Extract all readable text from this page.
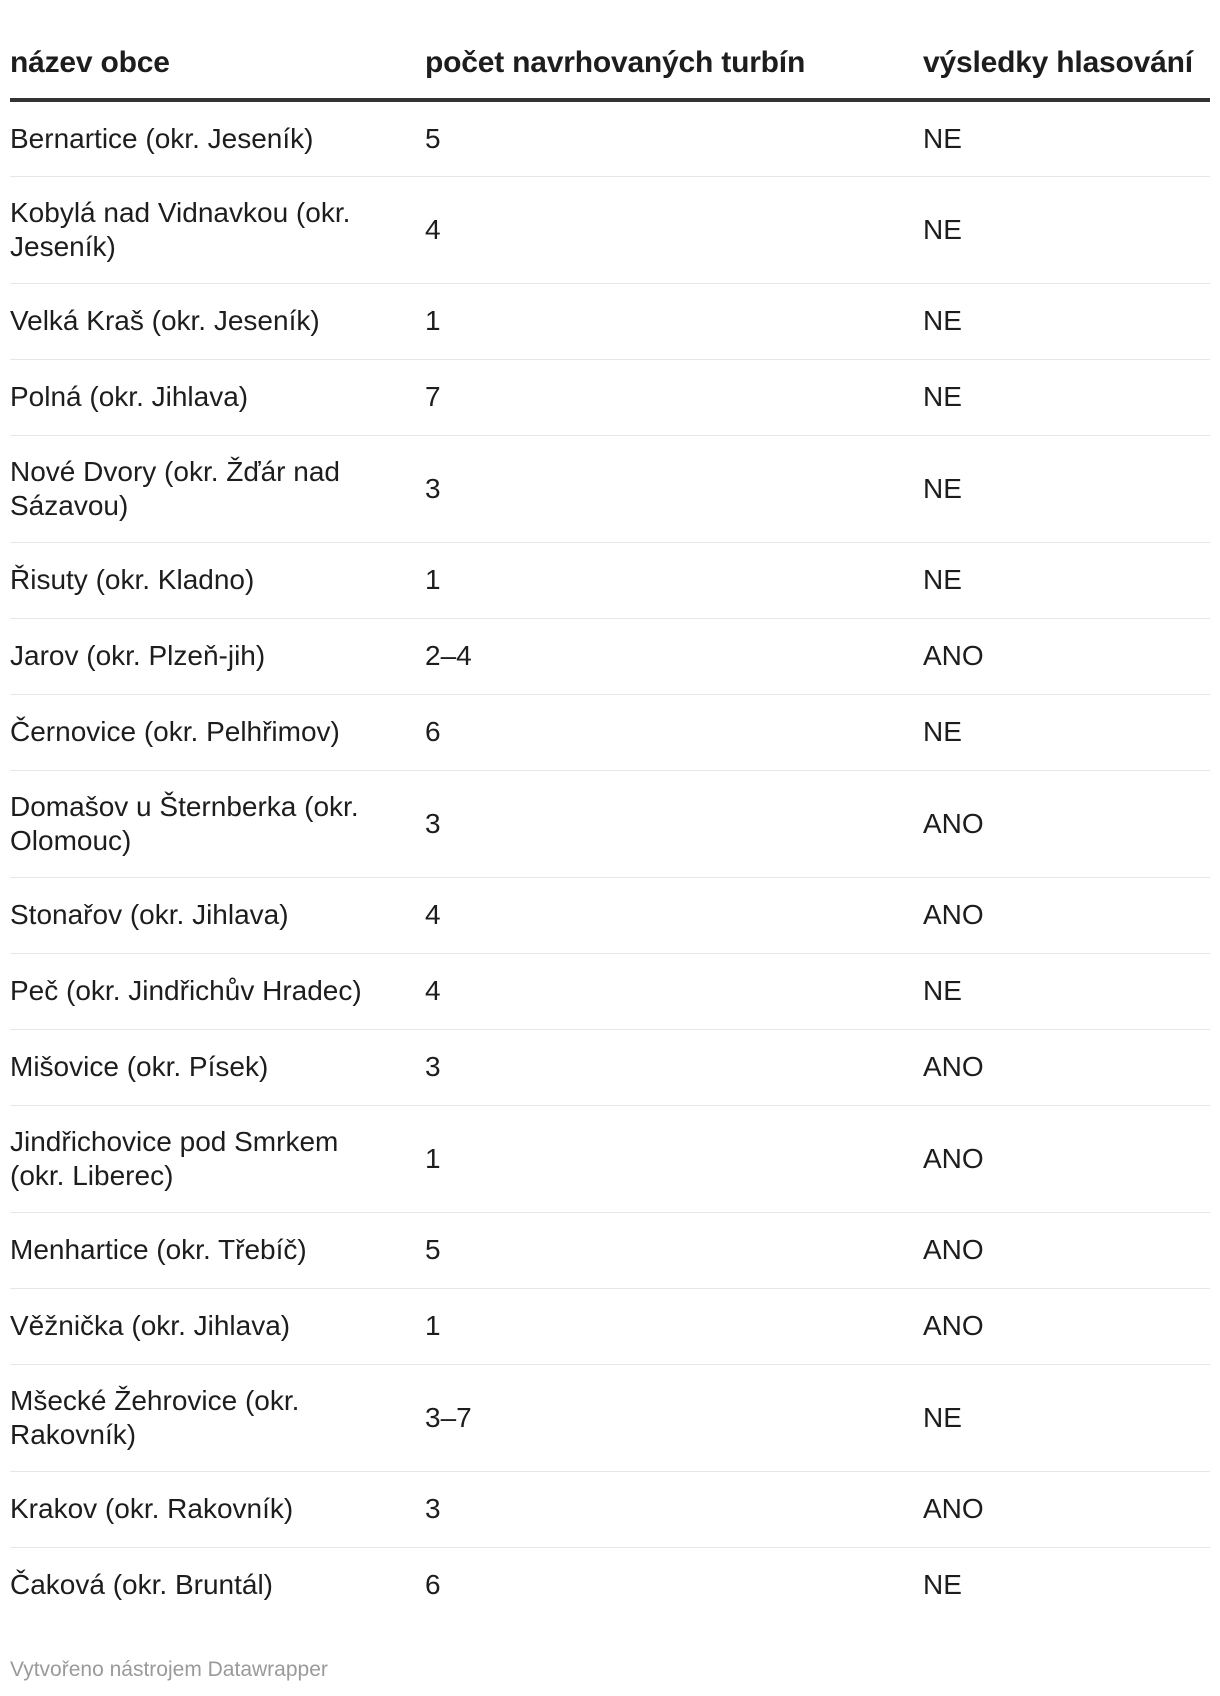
název obce	počet navrhovaných turbín	výsledky hlasování
Bernartice (okr. Jeseník)	5	NE
Kobylá nad Vidnavkou (okr. Jeseník)	4	NE
Velká Kraš (okr. Jeseník)	1	NE
Polná (okr. Jihlava)	7	NE
Nové Dvory (okr. Žďár nad Sázavou)	3	NE
Řisuty (okr. Kladno)	1	NE
Jarov (okr. Plzeň-jih)	2–4	ANO
Černovice (okr. Pelhřimov)	6	NE
Domašov u Šternberka (okr. Olomouc)	3	ANO
Stonařov (okr. Jihlava)	4	ANO
Peč (okr. Jindřichův Hradec)	4	NE
Mišovice (okr. Písek)	3	ANO
Jindřichovice pod Smrkem (okr. Liberec)	1	ANO
Menhartice (okr. Třebíč)	5	ANO
Věžnička (okr. Jihlava)	1	ANO
Mšecké Žehrovice (okr. Rakovník)	3–7	NE
Krakov (okr. Rakovník)	3	ANO
Čaková (okr. Bruntál)	6	NE
Vytvořeno nástrojem Datawrapper
